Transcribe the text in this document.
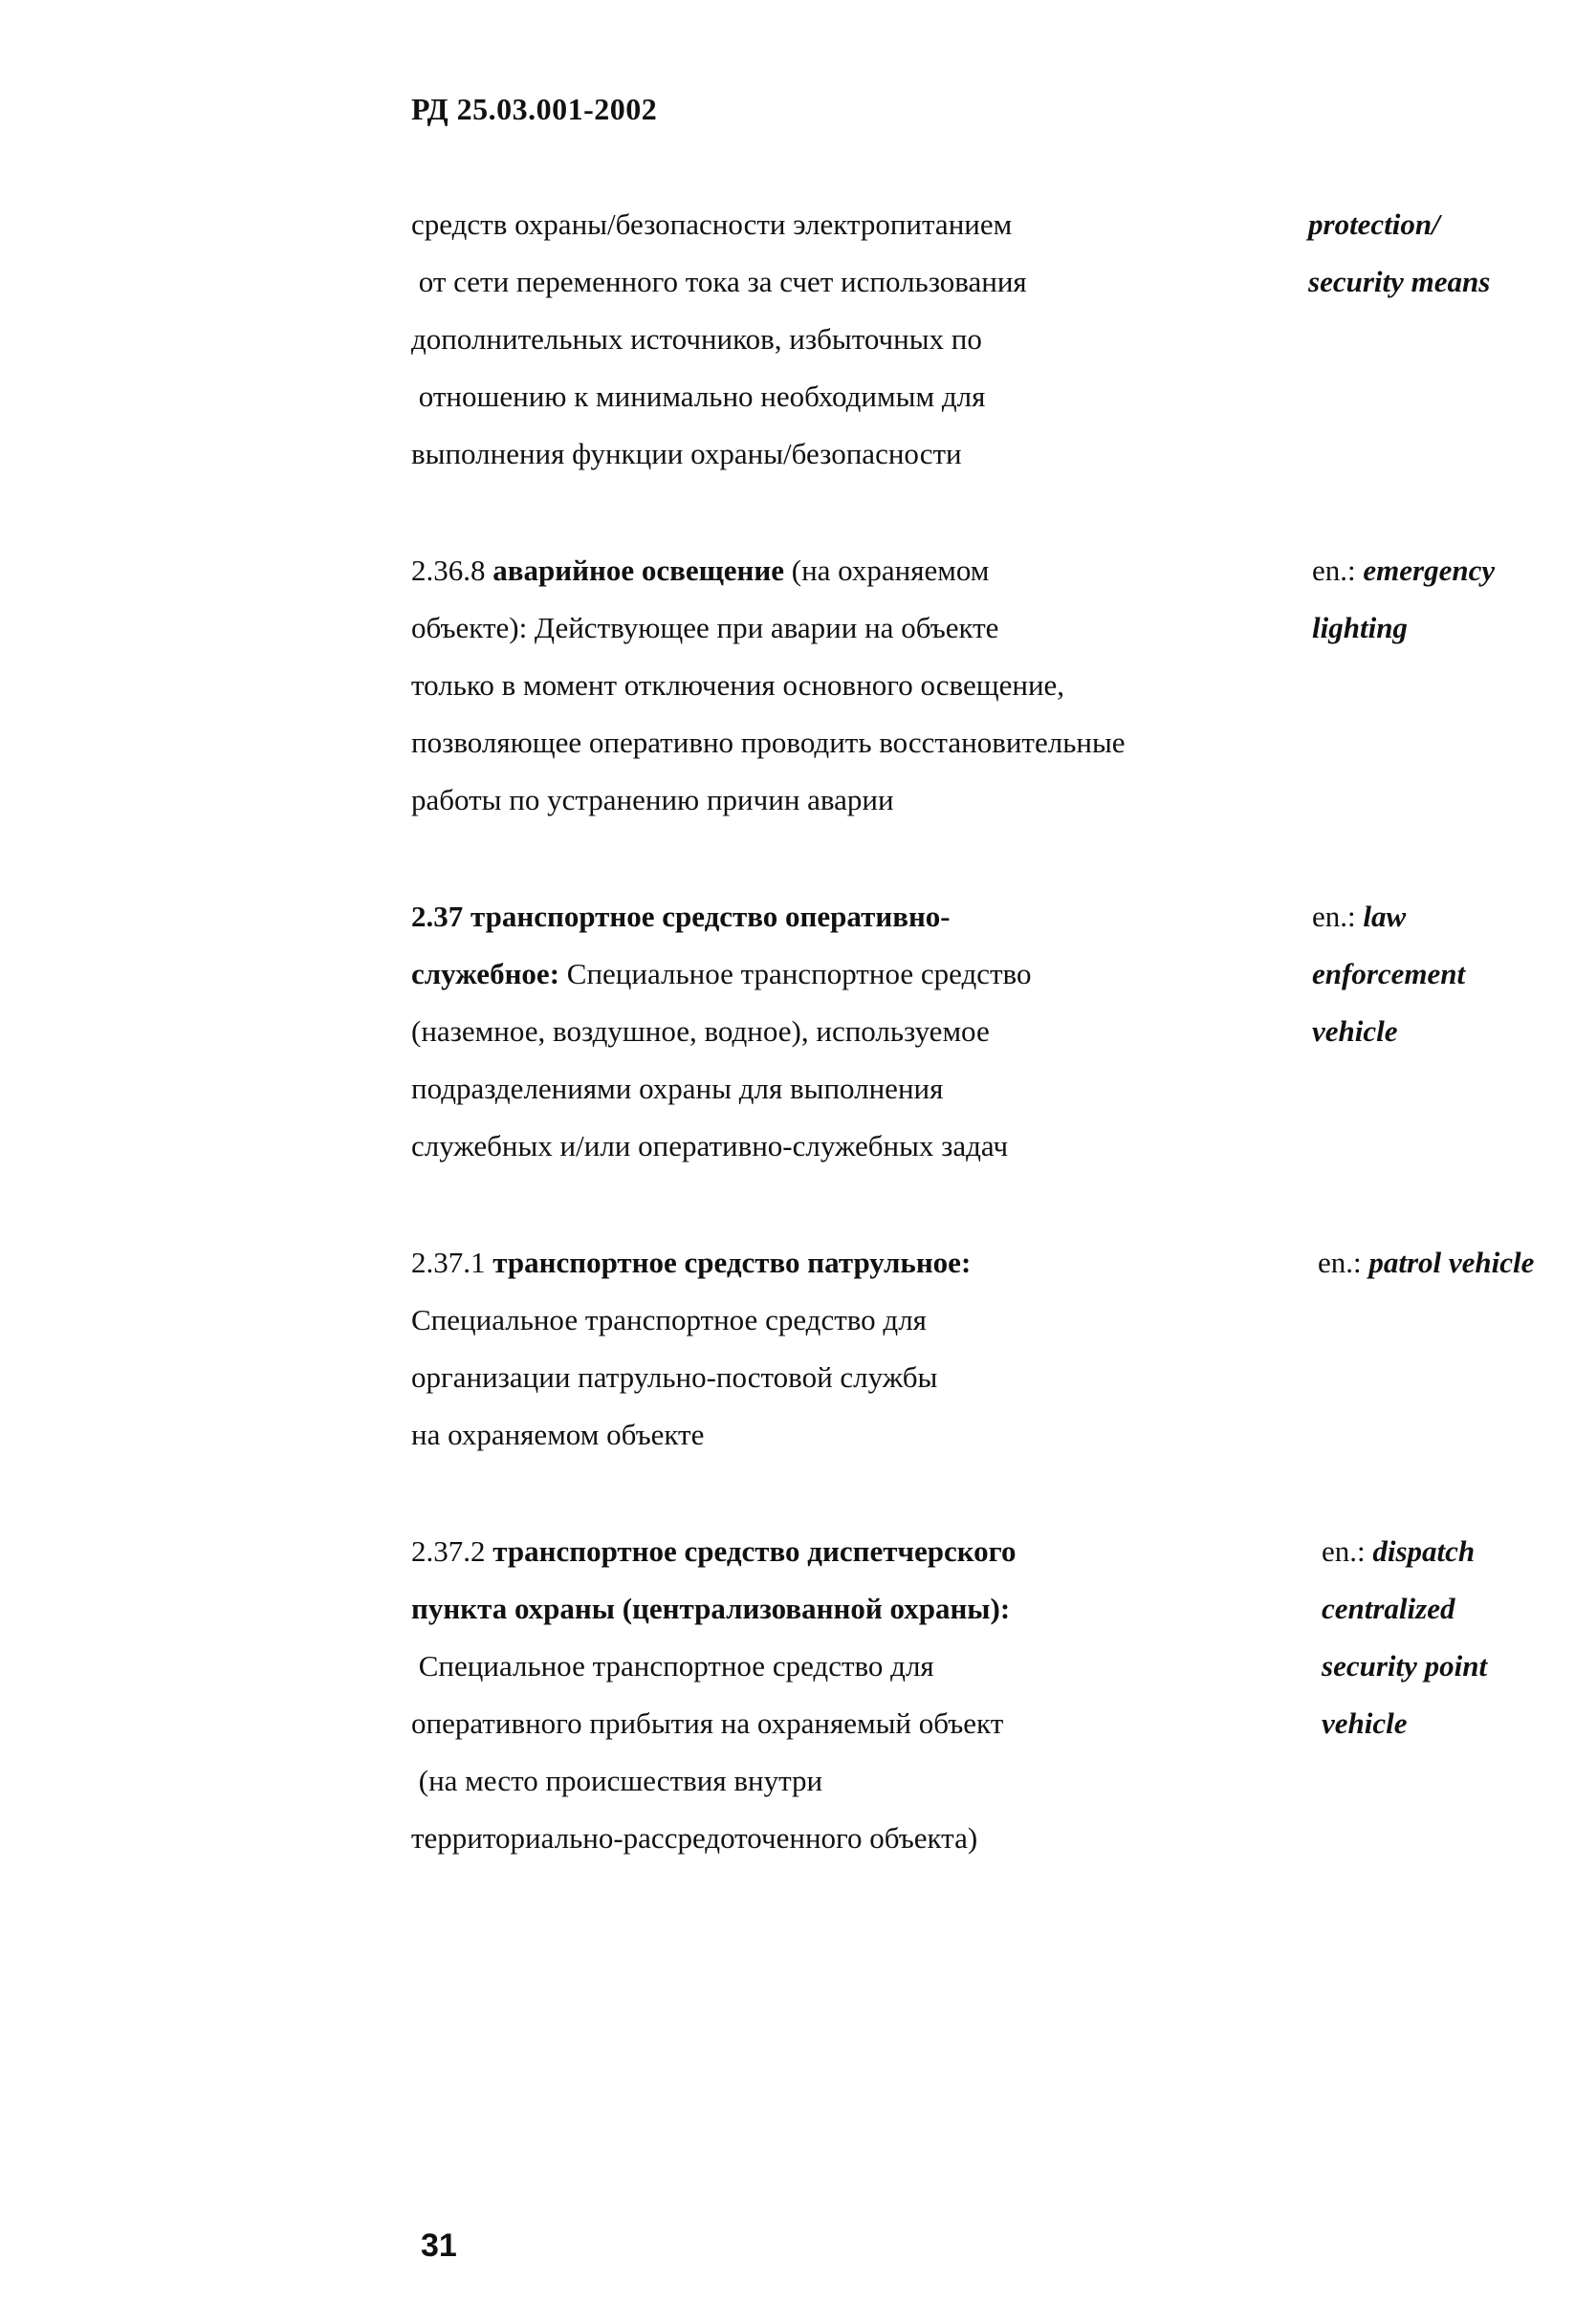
РД 25.03.001-2002
средств охраны/безопасности электропитанием
от сети переменного тока за счет использования
дополнительных источников, избыточных по
отношению к минимально необходимым для
выполнения функции охраны/безопасности
protection/
security means
2.36.8 аварийное освещение (на охраняемом
объекте): Действующее при аварии на объекте
только в момент отключения основного освещение,
позволяющее оперативно проводить восстановительные
работы по устранению причин аварии
en.: emergency
lighting
2.37 транспортное средство оперативно-
служебное: Специальное транспортное средство
(наземное, воздушное, водное), используемое
подразделениями охраны для выполнения
служебных и/или оперативно-служебных задач
en.: law
enforcement
vehicle
2.37.1 транспортное средство патрульное:
Специальное транспортное средство для
организации патрульно-постовой службы
на охраняемом объекте
en.: patrol vehicle
2.37.2 транспортное средство диспетчерского
пункта охраны (централизованной охраны):
Специальное транспортное средство для
оперативного прибытия на охраняемый объект
(на место происшествия внутри
территориально-рассредоточенного объекта)
en.: dispatch
centralized
security point
vehicle
31
